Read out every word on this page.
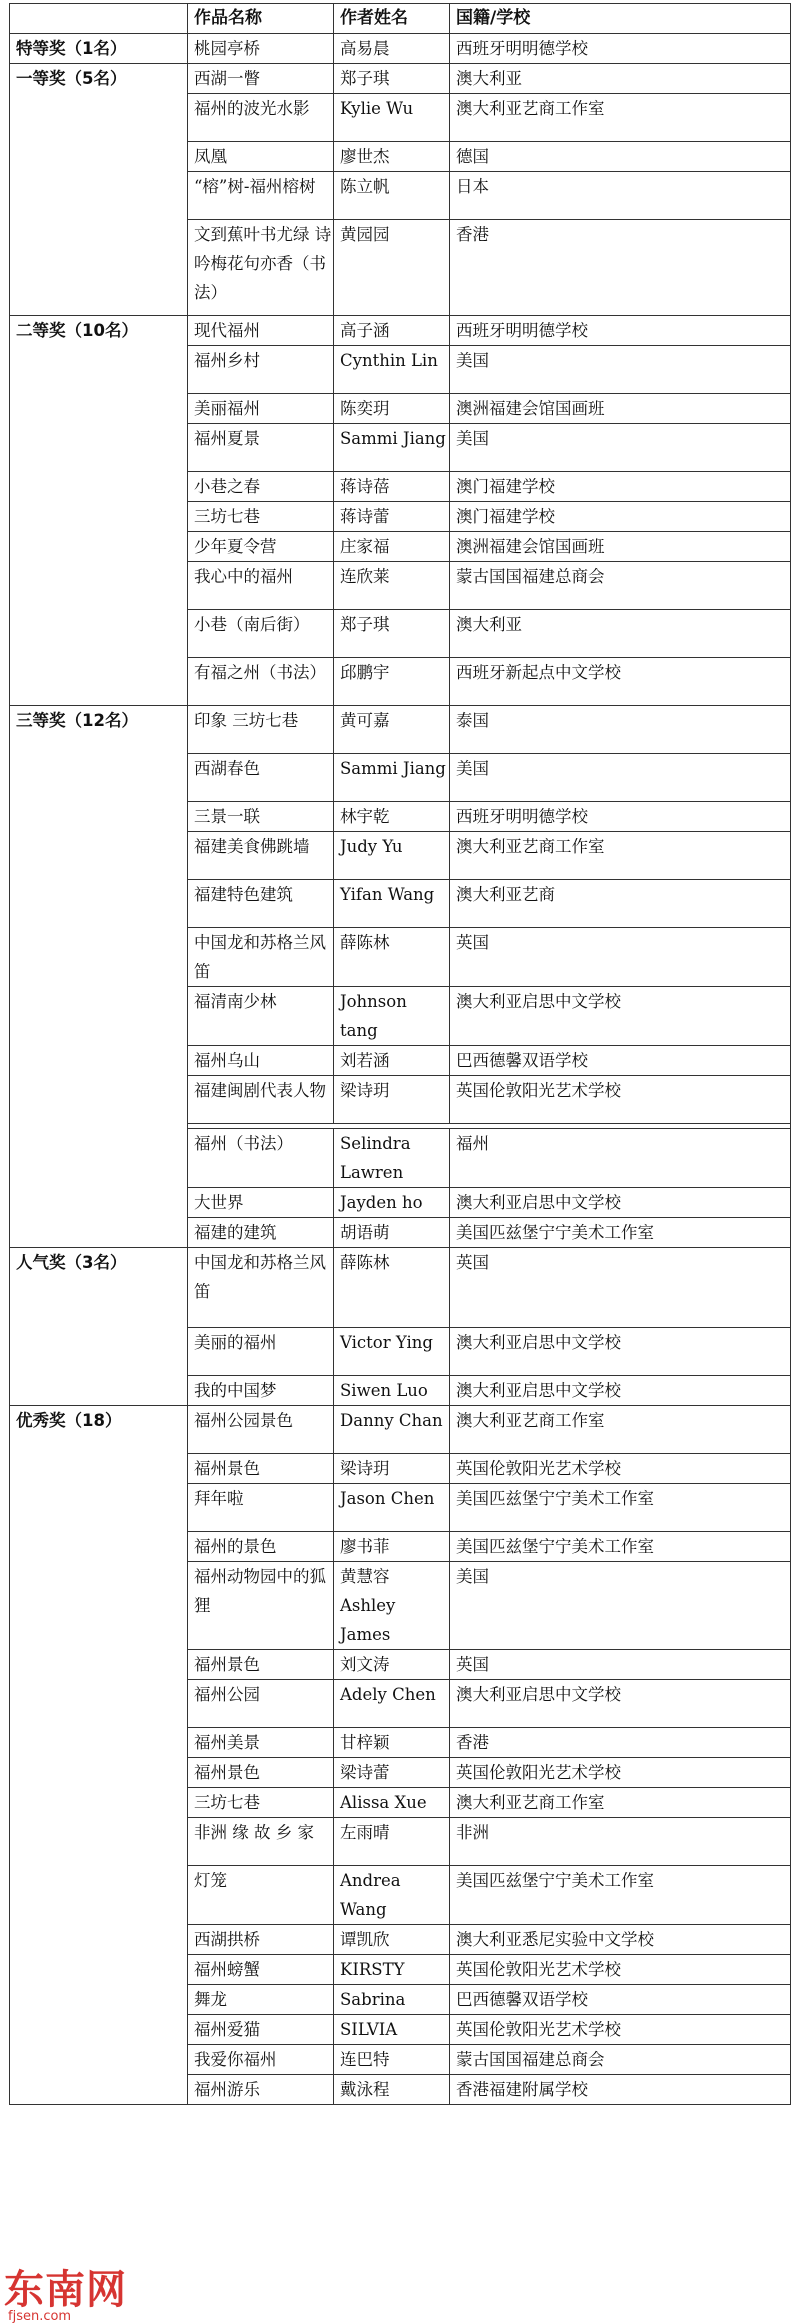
	作品名称	作者姓名	国籍/学校
特等奖（1名）	桃园亭桥	高易晨	西班牙明明德学校
一等奖（5名）	西湖一瞥	郑子琪	澳大利亚
	福州的波光水影	Kylie Wu	澳大利亚艺商工作室
	凤凰	廖世杰	德国
	“榕”树-福州榕树	陈立帆	日本
	文到蕉叶书尤绿 诗吟梅花句亦香（书法）	黄园园	香港
二等奖（10名）	现代福州	高子涵	西班牙明明德学校
	福州乡村	Cynthin Lin	美国
	美丽福州	陈奕玥	澳洲福建会馆国画班
	福州夏景	Sammi Jiang	美国
	小巷之春	蒋诗蓓	澳门福建学校
	三坊七巷	蒋诗蕾	澳门福建学校
	少年夏令营	庄家福	澳洲福建会馆国画班
	我心中的福州	连欣莱	蒙古国国福建总商会
	小巷（南后街）	郑子琪	澳大利亚
	有福之州（书法）	邱鹏宇	西班牙新起点中文学校
三等奖（12名）	印象 三坊七巷	黄可嘉	泰国
	西湖春色	Sammi Jiang	美国
	三景一联	林宇乾	西班牙明明德学校
	福建美食佛跳墙	Judy Yu	澳大利亚艺商工作室
	福建特色建筑	Yifan Wang	澳大利亚艺商
	中国龙和苏格兰风笛	薛陈林	英国
	福清南少林	Johnson tang	澳大利亚启思中文学校
	福州乌山	刘若涵	巴西德馨双语学校
	福建闽剧代表人物	梁诗玥	英国伦敦阳光艺术学校

	福州（书法）	Selindra Lawren	福州
	大世界	Jayden ho	澳大利亚启思中文学校
	福建的建筑	胡语萌	美国匹兹堡宁宁美术工作室
人气奖（3名）	中国龙和苏格兰风笛	薛陈林	英国
	美丽的福州	Victor Ying	澳大利亚启思中文学校
	我的中国梦	Siwen Luo	澳大利亚启思中文学校
优秀奖（18）	福州公园景色	Danny Chan	澳大利亚艺商工作室
	福州景色	梁诗玥	英国伦敦阳光艺术学校
	拜年啦	Jason Chen	美国匹兹堡宁宁美术工作室
	福州的景色	廖书菲	美国匹兹堡宁宁美术工作室
	福州动物园中的狐狸	黄慧容 Ashley James	美国
	福州景色	刘文涛	英国
	福州公园	Adely Chen	澳大利亚启思中文学校
	福州美景	甘梓颖	香港
	福州景色	梁诗蕾	英国伦敦阳光艺术学校
	三坊七巷	Alissa Xue	澳大利亚艺商工作室
	非洲 缘 故 乡 家	左雨晴	非洲
	灯笼	Andrea Wang	美国匹兹堡宁宁美术工作室
	西湖拱桥	谭凯欣	澳大利亚悉尼实验中文学校
	福州螃蟹	KIRSTY	英国伦敦阳光艺术学校
	舞龙	Sabrina	巴西德馨双语学校
	福州爱猫	SILVIA	英国伦敦阳光艺术学校
	我爱你福州	连巴特	蒙古国国福建总商会
	福州游乐	戴泳程	香港福建附属学校
东南网
fjsen.com
